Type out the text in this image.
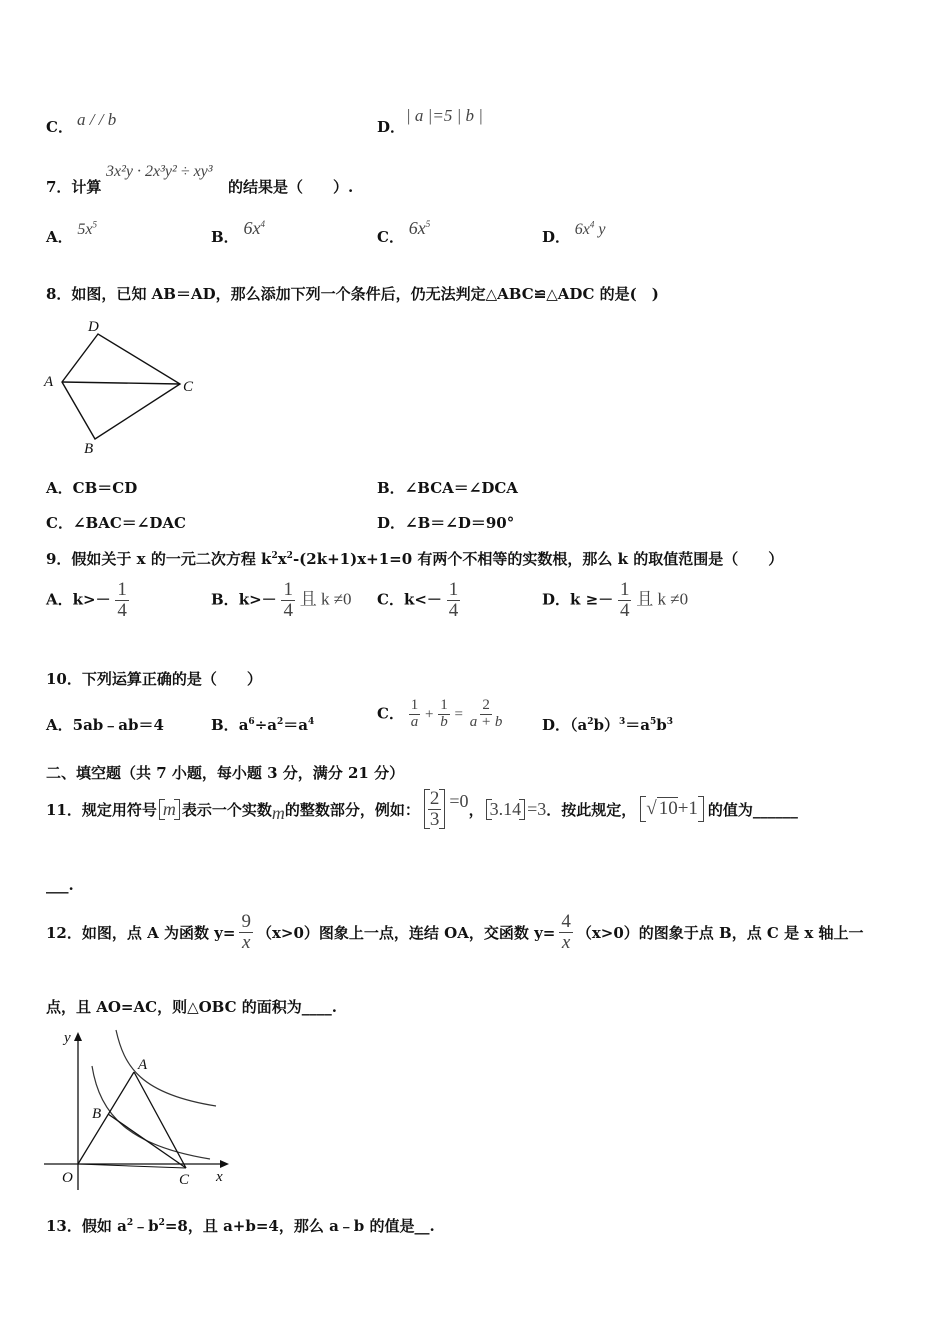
C． a / / b	D．
| a |=5 | b |
7．计算
3x²y · 2x³y² ÷ xy³
的结果是（　　）.
A． $5x^5$
B． $6x^4$
C． $6x^5$
D． $6x^4$ y
8．如图，已知 AB＝AD，那么添加下列一个条件后，仍无法判定△ABC≌△ADC 的是(　)
D
A	C
B
A．CB＝CD	B．∠BCA＝∠DCA
C．∠BAC＝∠DAC	D．∠B＝∠D＝90°
9．假如关于 x 的一元二次方程 $k^2x^2-(2k+1)x+1=0$ 有两个不相等的实数根，那么 k 的取值范围是（　　）
A．$k>- \frac{1}{4}$	B．$k>- \frac{1}{4}$ 且 k ≠0 C．$k<- \frac{1}{4}$	D．$k \ge- \frac{1}{4}$ 且 k ≠0
10．下列运算正确的是（　　）
A．5ab﹣ab＝4	B．$a^6\div a^2=a^4$	C． $\frac{1}{a} + \frac{1}{b} = \frac{2}{a + b}$	D．$(a^2b)^3=a^5b^3$
二、填空题（共 7 小题，每小题 3 分，满分 21 分）
11．规定用符号 m 表示一个实数 m 的整数部分，例如： $\frac{2}{3} =0$ ， 3.14 =3 ．按此规定， √ 10+1 的值为______
___.
12．如图，点 A 为函数 $y= \frac{9}{x} (x>0)$图象上一点，连结 OA，交函数 $y= \frac{4}{x} (x>0)$的图象于点 B，点 C 是 x 轴上一
点，且 AO=AC，则△OBC 的面积为____.
y
x
O
A
B
C
13．假如 $a^2﹣b^2=8$，且 a+b=4，那么 a﹣b 的值是__.
